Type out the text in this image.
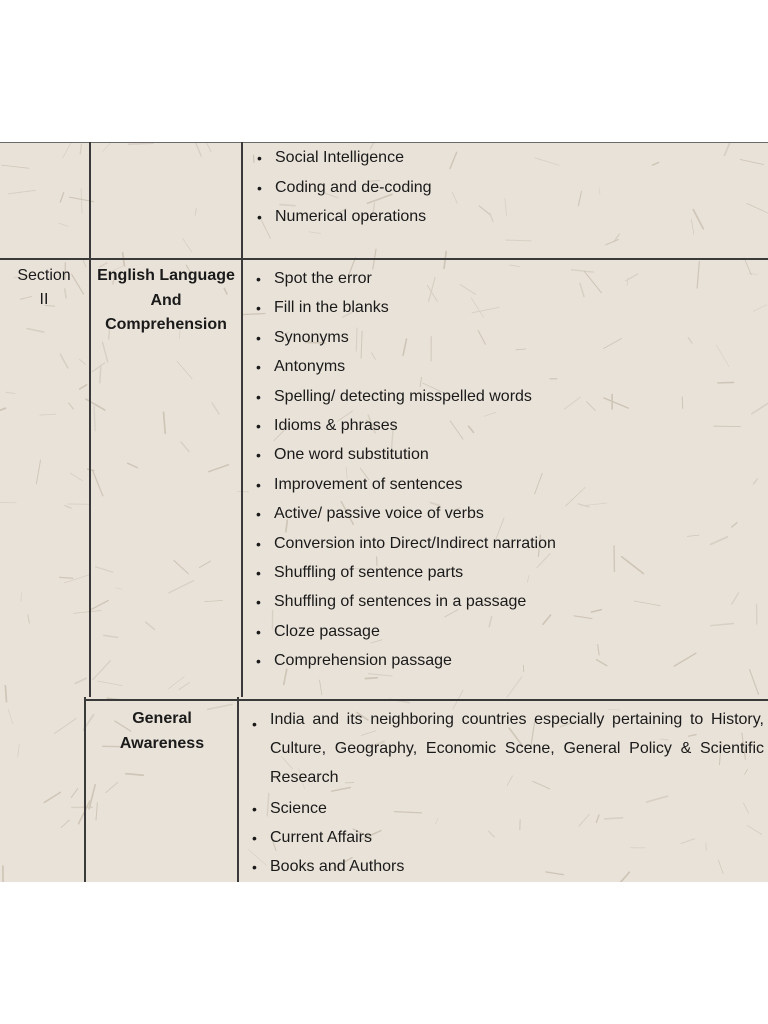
• Social Intelligence
• Coding and de-coding
• Numerical operations
Section II
English Language And Comprehension
• Spot the error
• Fill in the blanks
• Synonyms
• Antonyms
• Spelling/ detecting misspelled words
• Idioms & phrases
• One word substitution
• Improvement of sentences
• Active/ passive voice of verbs
• Conversion into Direct/Indirect narration
• Shuffling of sentence parts
• Shuffling of sentences in a passage
• Cloze passage
• Comprehension passage
General Awareness
• India and its neighboring countries especially pertaining to History, Culture, Geography, Economic Scene, General Policy & Scientific Research
• Science
• Current Affairs
• Books and Authors
